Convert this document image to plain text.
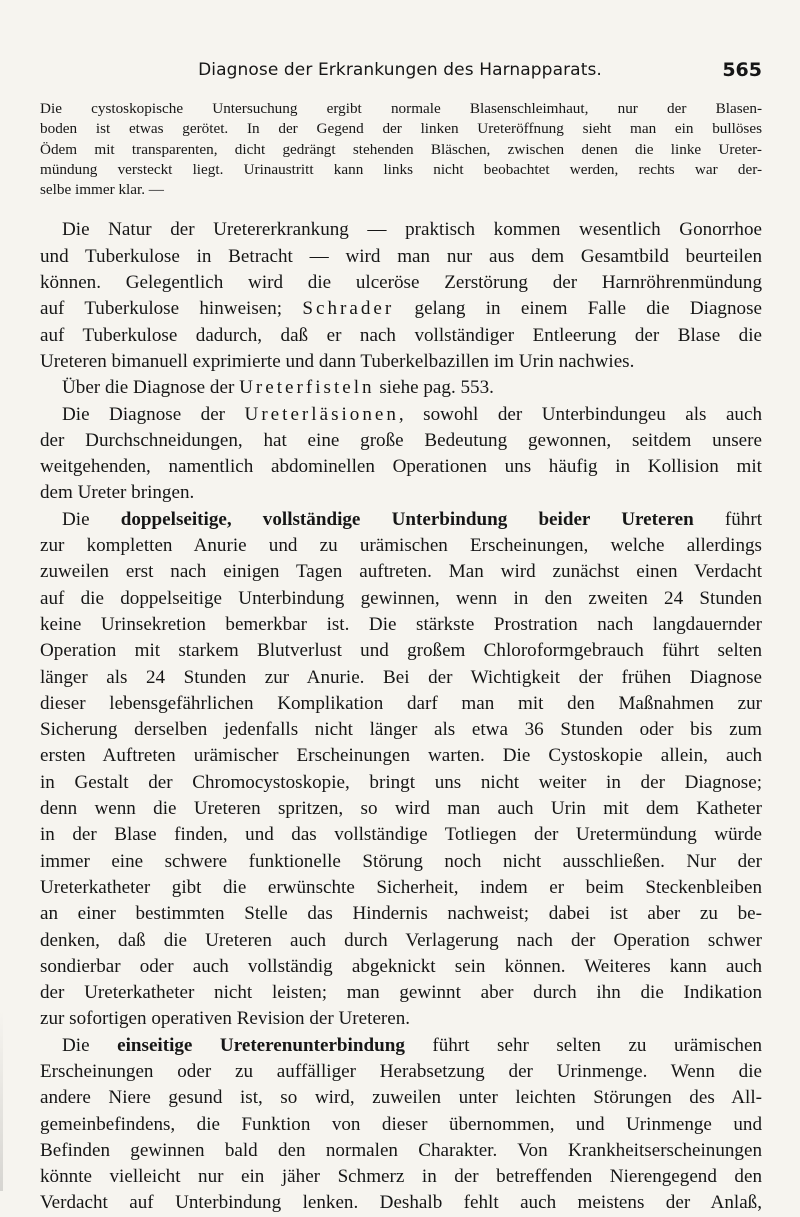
Diagnose der Erkrankungen des Harnapparats.	565
Die cystoskopische Untersuchung ergibt normale Blasenschleimhaut, nur der Blasen-
boden ist etwas gerötet. In der Gegend der linken Ureteröffnung sieht man ein bullöses
Ödem mit transparenten, dicht gedrängt stehenden Bläschen, zwischen denen die linke Ureter-
mündung versteckt liegt. Urinaustritt kann links nicht beobachtet werden, rechts war der-
selbe immer klar. —
Die Natur der Uretererkrankung — praktisch kommen wesentlich Gonorrhoe
und Tuberkulose in Betracht — wird man nur aus dem Gesamtbild beurteilen
können. Gelegentlich wird die ulceröse Zerstörung der Harnröhrenmündung
auf Tuberkulose hinweisen; Schrader gelang in einem Falle die Diagnose
auf Tuberkulose dadurch, daß er nach vollständiger Entleerung der Blase die
Ureteren bimanuell exprimierte und dann Tuberkelbazillen im Urin nachwies.
Über die Diagnose der Ureterfisteln siehe pag. 553.
Die Diagnose der Ureterläsionen, sowohl der Unterbindungeu als auch
der Durchschneidungen, hat eine große Bedeutung gewonnen, seitdem unsere
weitgehenden, namentlich abdominellen Operationen uns häufig in Kollision mit
dem Ureter bringen.
Die doppelseitige, vollständige Unterbindung beider Ureteren führt
zur kompletten Anurie und zu urämischen Erscheinungen, welche allerdings
zuweilen erst nach einigen Tagen auftreten. Man wird zunächst einen Verdacht
auf die doppelseitige Unterbindung gewinnen, wenn in den zweiten 24 Stunden
keine Urinsekretion bemerkbar ist. Die stärkste Prostration nach langdauernder
Operation mit starkem Blutverlust und großem Chloroformgebrauch führt selten
länger als 24 Stunden zur Anurie. Bei der Wichtigkeit der frühen Diagnose
dieser lebensgefährlichen Komplikation darf man mit den Maßnahmen zur
Sicherung derselben jedenfalls nicht länger als etwa 36 Stunden oder bis zum
ersten Auftreten urämischer Erscheinungen warten. Die Cystoskopie allein, auch
in Gestalt der Chromocystoskopie, bringt uns nicht weiter in der Diagnose;
denn wenn die Ureteren spritzen, so wird man auch Urin mit dem Katheter
in der Blase finden, und das vollständige Totliegen der Uretermündung würde
immer eine schwere funktionelle Störung noch nicht ausschließen. Nur der
Ureterkatheter gibt die erwünschte Sicherheit, indem er beim Steckenbleiben
an einer bestimmten Stelle das Hindernis nachweist; dabei ist aber zu be-
denken, daß die Ureteren auch durch Verlagerung nach der Operation schwer
sondierbar oder auch vollständig abgeknickt sein können. Weiteres kann auch
der Ureterkatheter nicht leisten; man gewinnt aber durch ihn die Indikation
zur sofortigen operativen Revision der Ureteren.
Die einseitige Ureterenunterbindung führt sehr selten zu urämischen
Erscheinungen oder zu auffälliger Herabsetzung der Urinmenge. Wenn die
andere Niere gesund ist, so wird, zuweilen unter leichten Störungen des All-
gemeinbefindens, die Funktion von dieser übernommen, und Urinmenge und
Befinden gewinnen bald den normalen Charakter. Von Krankheitserscheinungen
könnte vielleicht nur ein jäher Schmerz in der betreffenden Nierengegend den
Verdacht auf Unterbindung lenken. Deshalb fehlt auch meistens der Anlaß,
